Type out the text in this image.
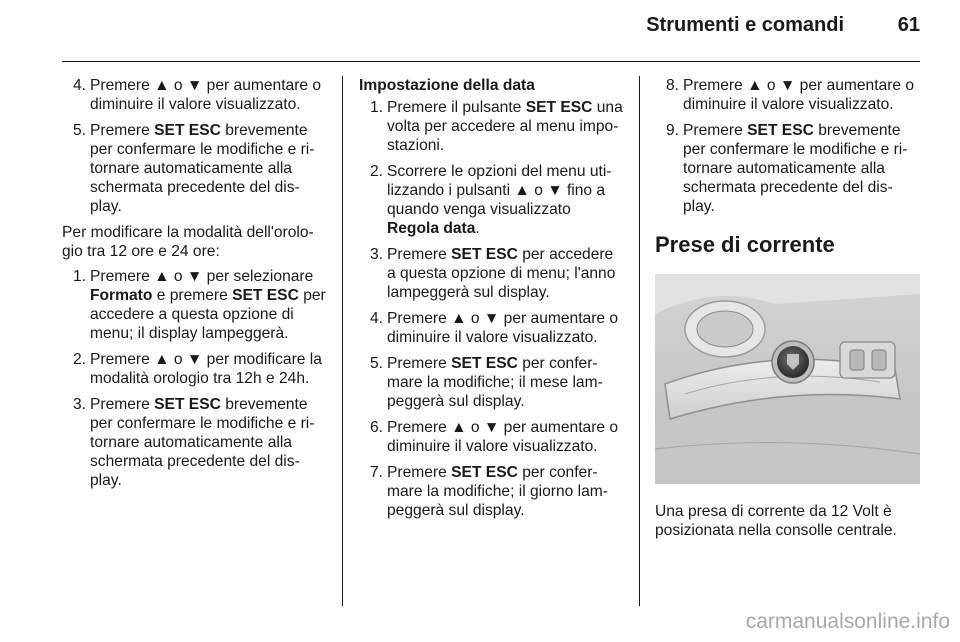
Strumenti e comandi	61
4. Premere ▲ o ▼ per aumentare o diminuire il valore visualizzato.
5. Premere SET ESC brevemente per confermare le modifiche e ri-tornare automaticamente alla schermata precedente del dis-play.

Per modificare la modalità dell'orolo-gio tra 12 ore e 24 ore:

1. Premere ▲ o ▼ per selezionare Formato e premere SET ESC per accedere a questa opzione di menu; il display lampeggerà.
2. Premere ▲ o ▼ per modificare la modalità orologio tra 12h e 24h.
3. Premere SET ESC brevemente per confermare le modifiche e ri-tornare automaticamente alla schermata precedente del dis-play.
Impostazione della data
1. Premere il pulsante SET ESC una volta per accedere al menu impo-stazioni.
2. Scorrere le opzioni del menu uti-lizzando i pulsanti ▲ o ▼ fino a quando venga visualizzato Regola data.
3. Premere SET ESC per accedere a questa opzione di menu; l'anno lampeggerà sul display.
4. Premere ▲ o ▼ per aumentare o diminuire il valore visualizzato.
5. Premere SET ESC per confer-mare la modifiche; il mese lam-peggerà sul display.
6. Premere ▲ o ▼ per aumentare o diminuire il valore visualizzato.
7. Premere SET ESC per confer-mare la modifiche; il giorno lam-peggerà sul display.
8. Premere ▲ o ▼ per aumentare o diminuire il valore visualizzato.
9. Premere SET ESC brevemente per confermare le modifiche e ri-tornare automaticamente alla schermata precedente del dis-play.
Prese di corrente

Una presa di corrente da 12 Volt è posizionata nella consolle centrale.

carmanualsonline.info
